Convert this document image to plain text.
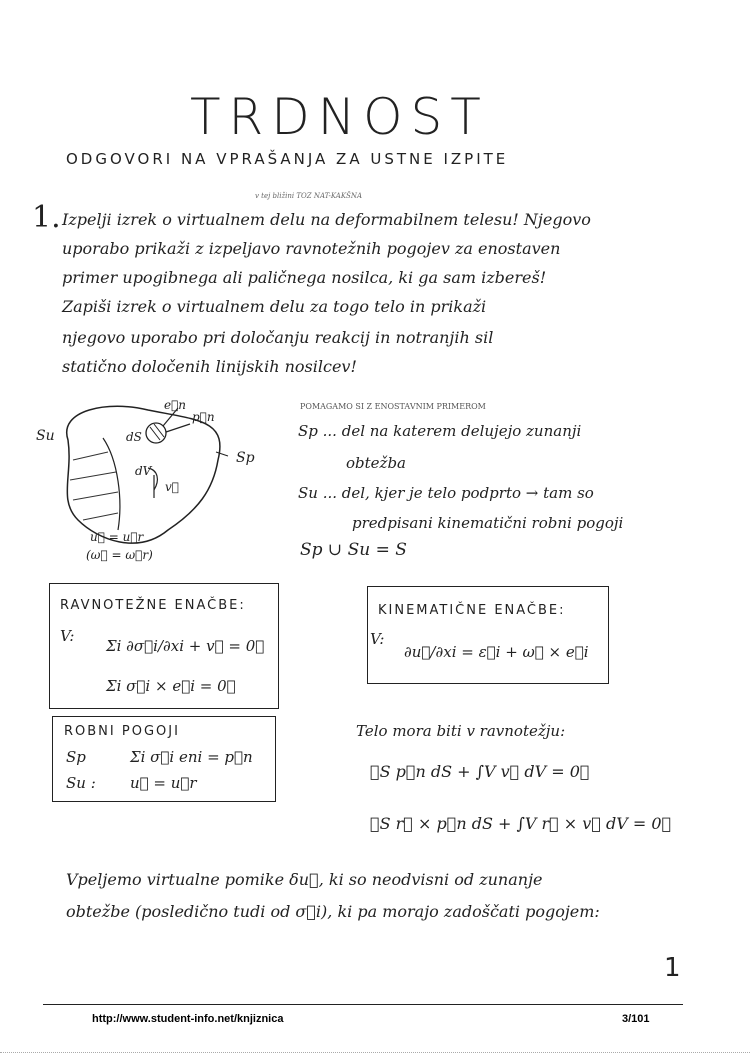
TRDNOST
ODGOVORI NA VPRAŠANJA ZA USTNE IZPITE
v tej bližini TOZ NAT-KAKŠNA
1. Izpelji izrek o virtualnem delu na deformabilnem telesu! Njegovo
uporabo prikaži z izpeljavo ravnotežnih pogojev za enostaven
primer upogibnega ali paličnega nosilca, ki ga sam izbereš!
Zapiši izrek o virtualnem delu za togo telo in prikaži
njegovo uporabo pri določanju reakcij in notranjih sil
statično določenih linijskih nosilcev!
e⃗n
p⃗n
Su
Sp
dS
dV
v⃗
u⃗ = u⃗r
(ω⃗ = ω⃗r)
POMAGAMO SI Z ENOSTAVNIM PRIMEROM
Sp ... del na katerem delujejo zunanji
obtežba
Su ... del, kjer je telo podprto → tam so
predpisani kinematični robni pogoji
Sp ∪ Su = S
RAVNOTEŽNE ENAČBE:
V:
Σi ∂σ⃗i/∂xi + v⃗ = 0⃗
Σi σ⃗i × e⃗i = 0⃗
KINEMATIČNE ENAČBE:
V:
∂u⃗/∂xi = ε⃗i + ω⃗ × e⃗i
ROBNI POGOJI
Sp	Σi σ⃗i eni = p⃗n
Su : u⃗ = u⃗r
Telo mora biti v ravnotežju:
∮S p⃗n dS + ∫V v⃗ dV = 0⃗
∮S r⃗ × p⃗n dS + ∫V r⃗ × v⃗ dV = 0⃗
Vpeljemo virtualne pomike δu⃗, ki so neodvisni od zunanje
obtežbe (posledično tudi od σ⃗i), ki pa morajo zadoščati pogojem:
1
http://www.student-info.net/knjiznica	3/101
